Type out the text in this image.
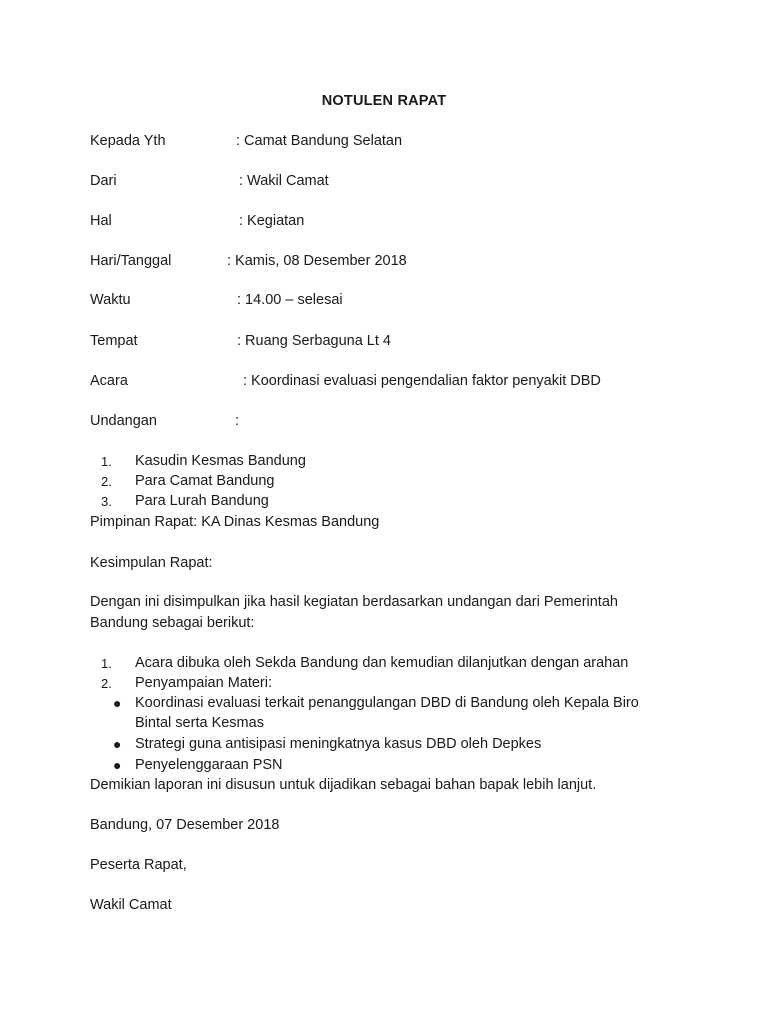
NOTULEN RAPAT
Kepada Yth	: Camat Bandung Selatan
Dari	: Wakil Camat
Hal	: Kegiatan
Hari/Tanggal	: Kamis, 08 Desember 2018
Waktu	: 14.00 – selesai
Tempat	: Ruang Serbaguna Lt 4
Acara	: Koordinasi evaluasi pengendalian faktor penyakit DBD
Undangan	:
1. Kasudin Kesmas Bandung
2. Para Camat Bandung
3. Para Lurah Bandung
Pimpinan Rapat: KA Dinas Kesmas Bandung
Kesimpulan Rapat:
Dengan ini disimpulkan jika hasil kegiatan berdasarkan undangan dari Pemerintah
Bandung sebagai berikut:
1. Acara dibuka oleh Sekda Bandung dan kemudian dilanjutkan dengan arahan
2. Penyampaian Materi:
● Koordinasi evaluasi terkait penanggulangan DBD di Bandung oleh Kepala Biro
Bintal serta Kesmas
● Strategi guna antisipasi meningkatnya kasus DBD oleh Depkes
● Penyelenggaraan PSN
Demikian laporan ini disusun untuk dijadikan sebagai bahan bapak lebih lanjut.
Bandung, 07 Desember 2018
Peserta Rapat,
Wakil Camat
